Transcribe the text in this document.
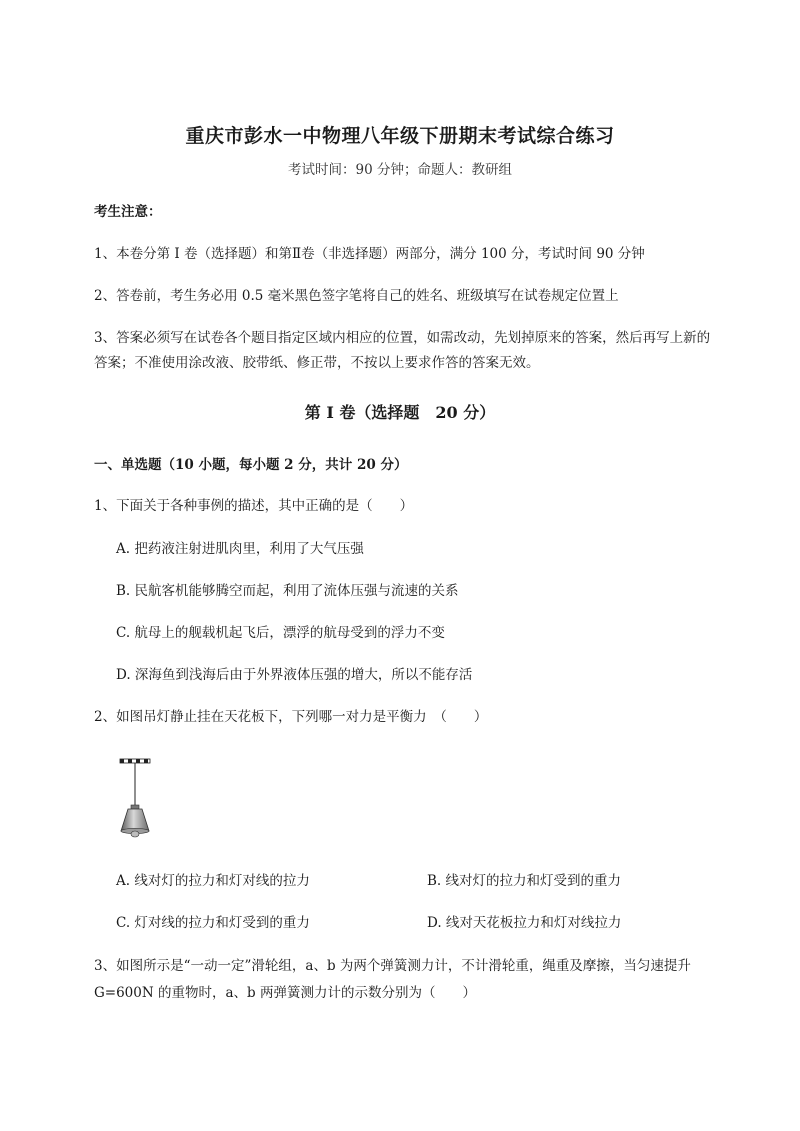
重庆市彭水一中物理八年级下册期末考试综合练习
考试时间：90 分钟；命题人：教研组
考生注意：
1、本卷分第 I 卷（选择题）和第Ⅱ卷（非选择题）两部分，满分 100 分，考试时间 90 分钟
2、答卷前，考生务必用 0.5 毫米黑色签字笔将自己的姓名、班级填写在试卷规定位置上
3、答案必须写在试卷各个题目指定区域内相应的位置，如需改动，先划掉原来的答案，然后再写上新的答案；不准使用涂改液、胶带纸、修正带，不按以上要求作答的答案无效。
第 I 卷（选择题　20 分）
一、单选题（10 小题，每小题 2 分，共计 20 分）
1、下面关于各种事例的描述，其中正确的是（　　）
A. 把药液注射进肌肉里，利用了大气压强
B. 民航客机能够腾空而起，利用了流体压强与流速的关系
C. 航母上的舰载机起飞后，漂浮的航母受到的浮力不变
D. 深海鱼到浅海后由于外界液体压强的增大，所以不能存活
2、如图吊灯静止挂在天花板下，下列哪一对力是平衡力　（　　）
A. 线对灯的拉力和灯对线的拉力	B. 线对灯的拉力和灯受到的重力
C. 灯对线的拉力和灯受到的重力	D. 线对天花板拉力和灯对线拉力
3、如图所示是“一动一定”滑轮组，a、b 为两个弹簧测力计，不计滑轮重，绳重及摩擦，当匀速提升 G=600N 的重物时，a、b 两弹簧测力计的示数分别为（　　）
